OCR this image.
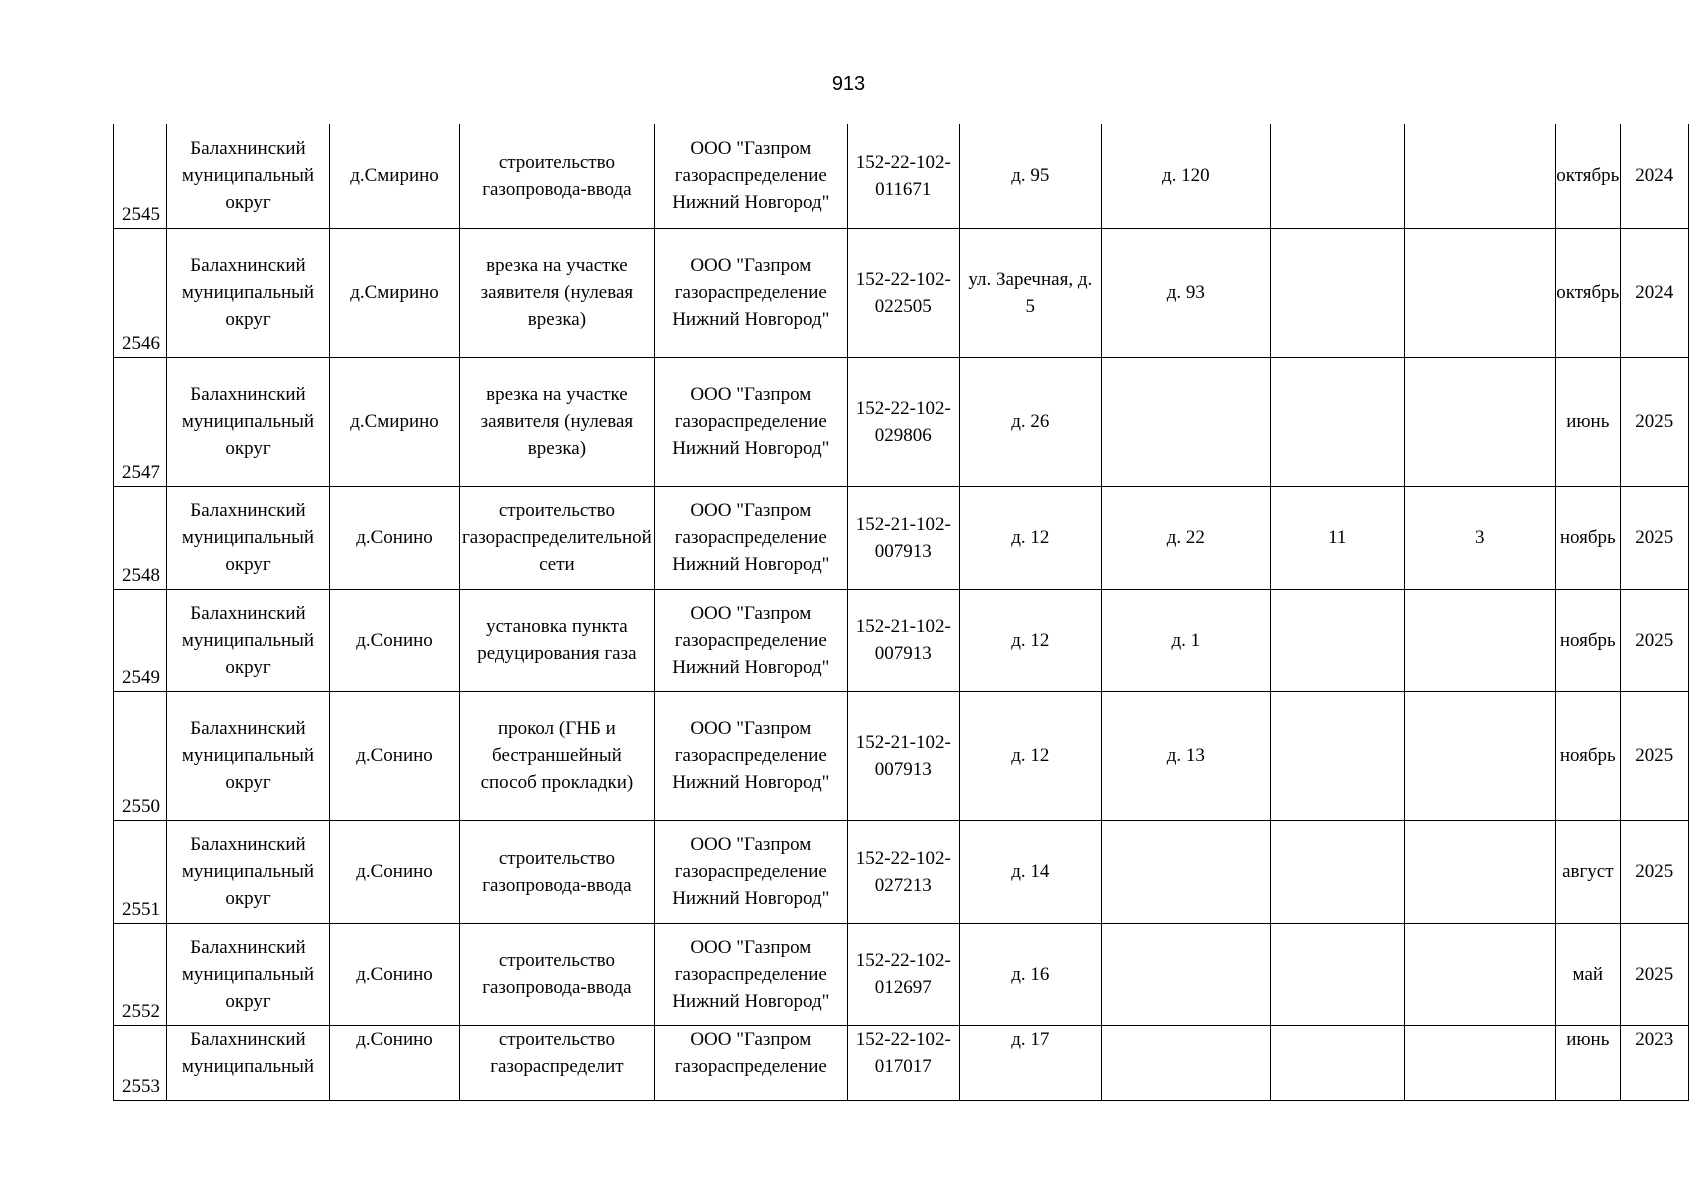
913
2545	Балахнинский муниципальный округ	д.Смирино	строительство газопровода-ввода	ООО "Газпром газораспределение Нижний Новгород"	152-22-102-011671	д. 95	д. 120			октябрь	2024
2546	Балахнинский муниципальный округ	д.Смирино	врезка на участке заявителя (нулевая врезка)	ООО "Газпром газораспределение Нижний Новгород"	152-22-102-022505	ул. Заречная, д. 5	д. 93			октябрь	2024
2547	Балахнинский муниципальный округ	д.Смирино	врезка на участке заявителя (нулевая врезка)	ООО "Газпром газораспределение Нижний Новгород"	152-22-102-029806	д. 26				июнь	2025
2548	Балахнинский муниципальный округ	д.Сонино	строительство газораспределительной сети	ООО "Газпром газораспределение Нижний Новгород"	152-21-102-007913	д. 12	д. 22	11	3	ноябрь	2025
2549	Балахнинский муниципальный округ	д.Сонино	установка пункта редуцирования газа	ООО "Газпром газораспределение Нижний Новгород"	152-21-102-007913	д. 12	д. 1			ноябрь	2025
2550	Балахнинский муниципальный округ	д.Сонино	прокол (ГНБ и бестраншейный способ прокладки)	ООО "Газпром газораспределение Нижний Новгород"	152-21-102-007913	д. 12	д. 13			ноябрь	2025
2551	Балахнинский муниципальный округ	д.Сонино	строительство газопровода-ввода	ООО "Газпром газораспределение Нижний Новгород"	152-22-102-027213	д. 14				август	2025
2552	Балахнинский муниципальный округ	д.Сонино	строительство газопровода-ввода	ООО "Газпром газораспределение Нижний Новгород"	152-22-102-012697	д. 16				май	2025
2553	Балахнинский муниципальный	д.Сонино	строительство газораспределит	ООО "Газпром газораспределение	152-22-102-017017	д. 17				июнь	2023
